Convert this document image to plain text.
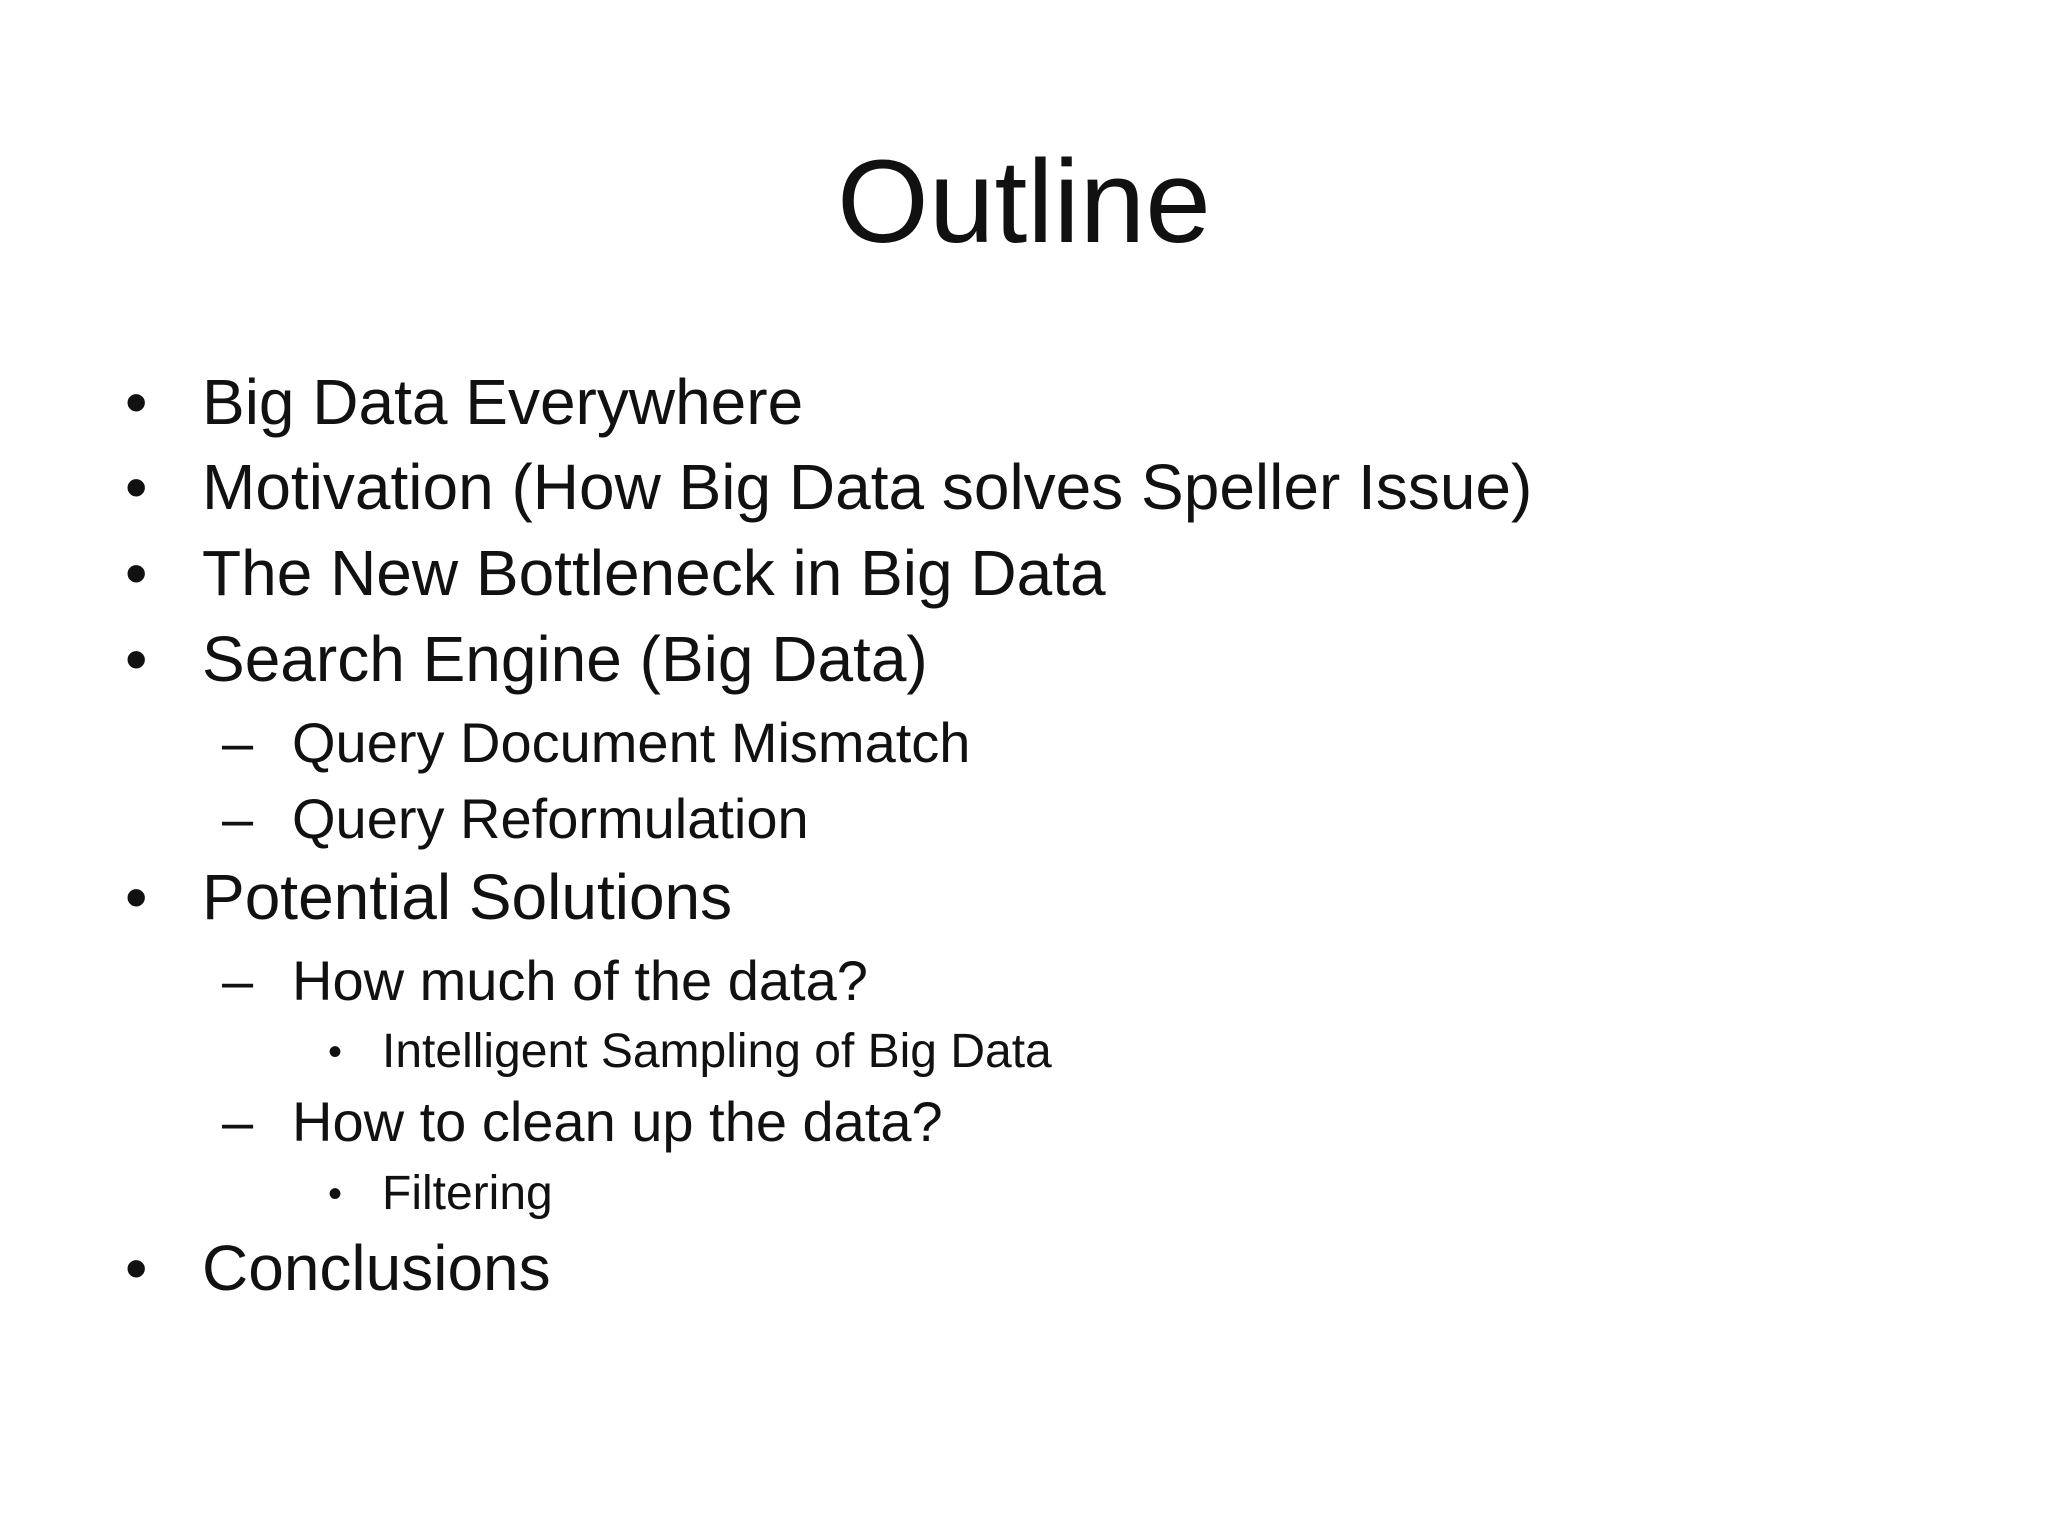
Outline
• Big Data Everywhere
• Motivation (How Big Data solves Speller Issue)
• The New Bottleneck in Big Data
• Search Engine (Big Data)
– Query Document Mismatch
– Query Reformulation
• Potential Solutions
– How much of the data?
• Intelligent Sampling of Big Data
– How to clean up the data?
• Filtering
• Conclusions
